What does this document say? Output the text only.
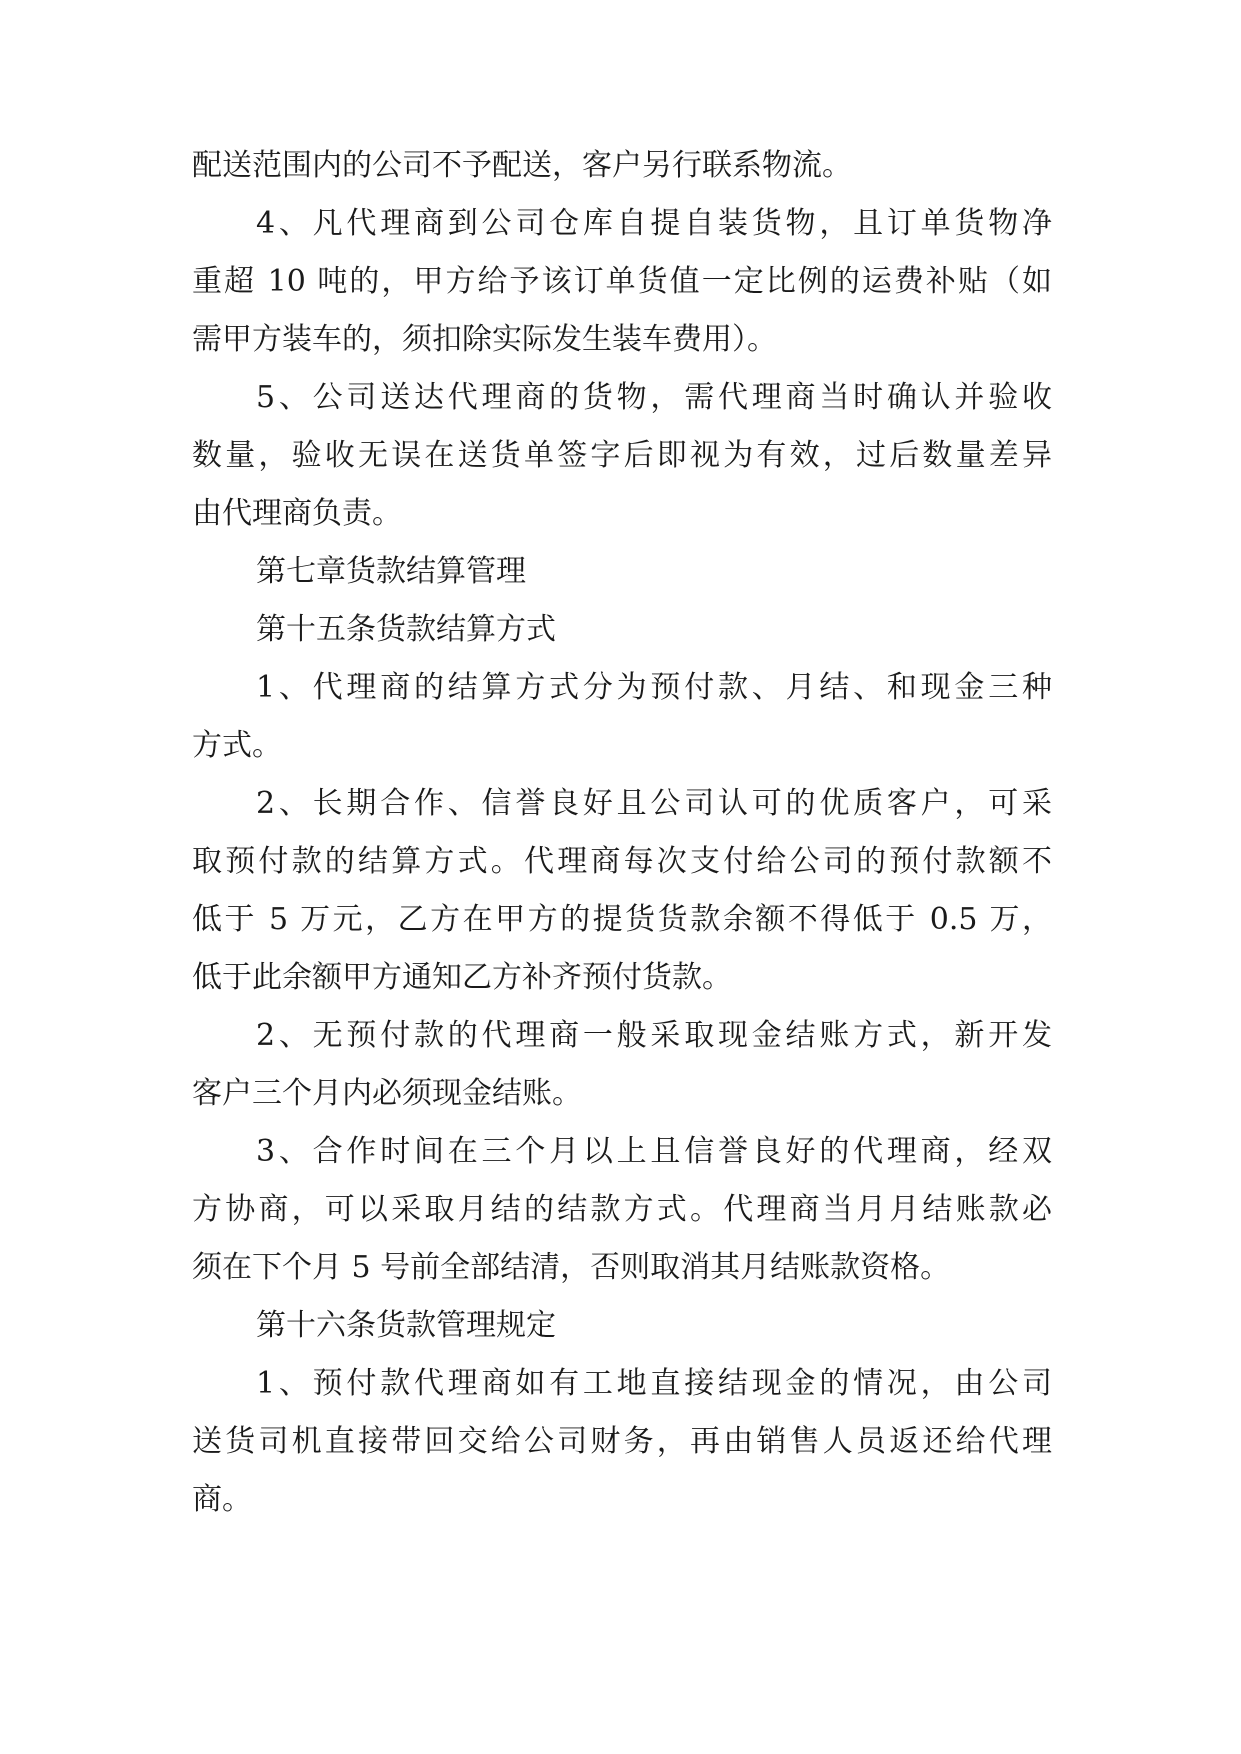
配送范围内的公司不予配送，客户另行联系物流。
4、凡代理商到公司仓库自提自装货物，且订单货物净
重超 10 吨的，甲方给予该订单货值一定比例的运费补贴（如
需甲方装车的，须扣除实际发生装车费用）。
5、公司送达代理商的货物，需代理商当时确认并验收
数量，验收无误在送货单签字后即视为有效，过后数量差异
由代理商负责。
第七章货款结算管理
第十五条货款结算方式
1、代理商的结算方式分为预付款、月结、和现金三种
方式。
2、长期合作、信誉良好且公司认可的优质客户，可采
取预付款的结算方式。代理商每次支付给公司的预付款额不
低于 5 万元，乙方在甲方的提货货款余额不得低于 0.5 万，
低于此余额甲方通知乙方补齐预付货款。
2、无预付款的代理商一般采取现金结账方式，新开发
客户三个月内必须现金结账。
3、合作时间在三个月以上且信誉良好的代理商，经双
方协商，可以采取月结的结款方式。代理商当月月结账款必
须在下个月 5 号前全部结清，否则取消其月结账款资格。
第十六条货款管理规定
1、预付款代理商如有工地直接结现金的情况，由公司
送货司机直接带回交给公司财务，再由销售人员返还给代理
商。
